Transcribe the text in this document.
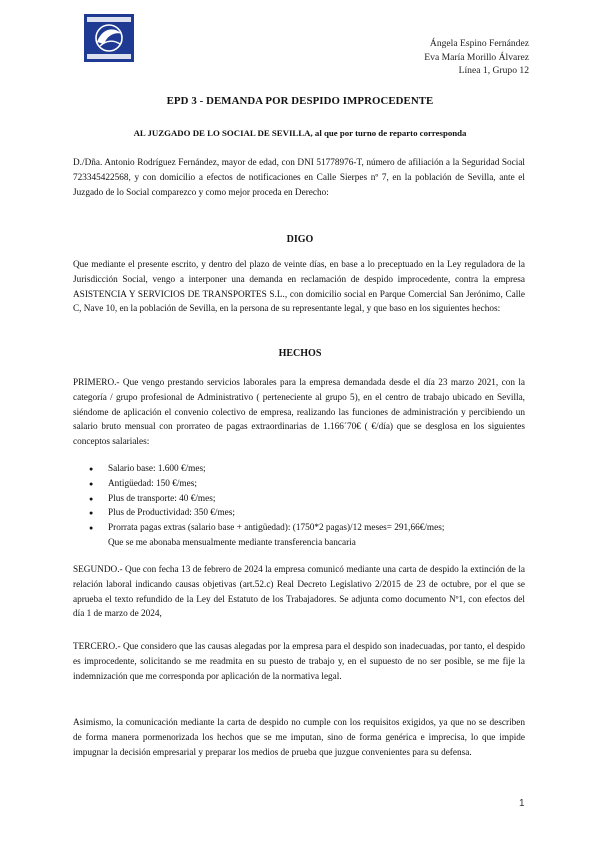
Ángela Espino Fernández
Eva María Morillo Álvarez
Línea 1, Grupo 12
EPD 3 - DEMANDA POR DESPIDO IMPROCEDENTE
AL JUZGADO DE LO SOCIAL DE SEVILLA, al que por turno de reparto corresponda
D./Dña. Antonio Rodríguez Fernández, mayor de edad, con DNI 51778976-T, número de afiliación a la Seguridad Social 723345422568, y con domicilio a efectos de notificaciones en Calle Sierpes nº 7, en la población de Sevilla, ante el Juzgado de lo Social comparezco y como mejor proceda en Derecho:
DIGO
Que mediante el presente escrito, y dentro del plazo de veinte días, en base a lo preceptuado en la Ley reguladora de la Jurisdicción Social, vengo a interponer una demanda en reclamación de despido improcedente, contra la empresa ASISTENCIA Y SERVICIOS DE TRANSPORTES S.L., con domicilio social en Parque Comercial San Jerónimo, Calle C, Nave 10, en la población de Sevilla, en la persona de su representante legal, y que baso en los siguientes hechos:
HECHOS
PRIMERO.- Que vengo prestando servicios laborales para la empresa demandada desde el día 23 marzo 2021, con la categoría / grupo profesional de Administrativo ( perteneciente al grupo 5), en el centro de trabajo ubicado en Sevilla, siéndome de aplicación el convenio colectivo de empresa, realizando las funciones de administración y percibiendo un salario bruto mensual con prorrateo de pagas extraordinarias de 1.166´70€ ( €/día) que se desglosa en los siguientes conceptos salariales:
● Salario base: 1.600 €/mes;
● Antigüedad: 150 €/mes;
● Plus de transporte: 40 €/mes;
● Plus de Productividad: 350 €/mes;
● Prorrata pagas extras (salario base + antigüedad): (1750*2 pagas)/12 meses= 291,66€/mes;
Que se me abonaba mensualmente mediante transferencia bancaria
SEGUNDO.- Que con fecha 13 de febrero de 2024 la empresa comunicó mediante una carta de despido la extinción de la relación laboral indicando causas objetivas (art.52.c) Real Decreto Legislativo 2/2015 de 23 de octubre, por el que se aprueba el texto refundido de la Ley del Estatuto de los Trabajadores. Se adjunta como documento Nº1, con efectos del día 1 de marzo de 2024,
TERCERO.- Que considero que las causas alegadas por la empresa para el despido son inadecuadas, por tanto, el despido es improcedente, solicitando se me readmita en su puesto de trabajo y, en el supuesto de no ser posible, se me fije la indemnización que me corresponda por aplicación de la normativa legal.
Asimismo, la comunicación mediante la carta de despido no cumple con los requisitos exigidos, ya que no se describen de forma manera pormenorizada los hechos que se me imputan, sino de forma genérica e imprecisa, lo que impide impugnar la decisión empresarial y preparar los medios de prueba que juzgue convenientes para su defensa.
1
